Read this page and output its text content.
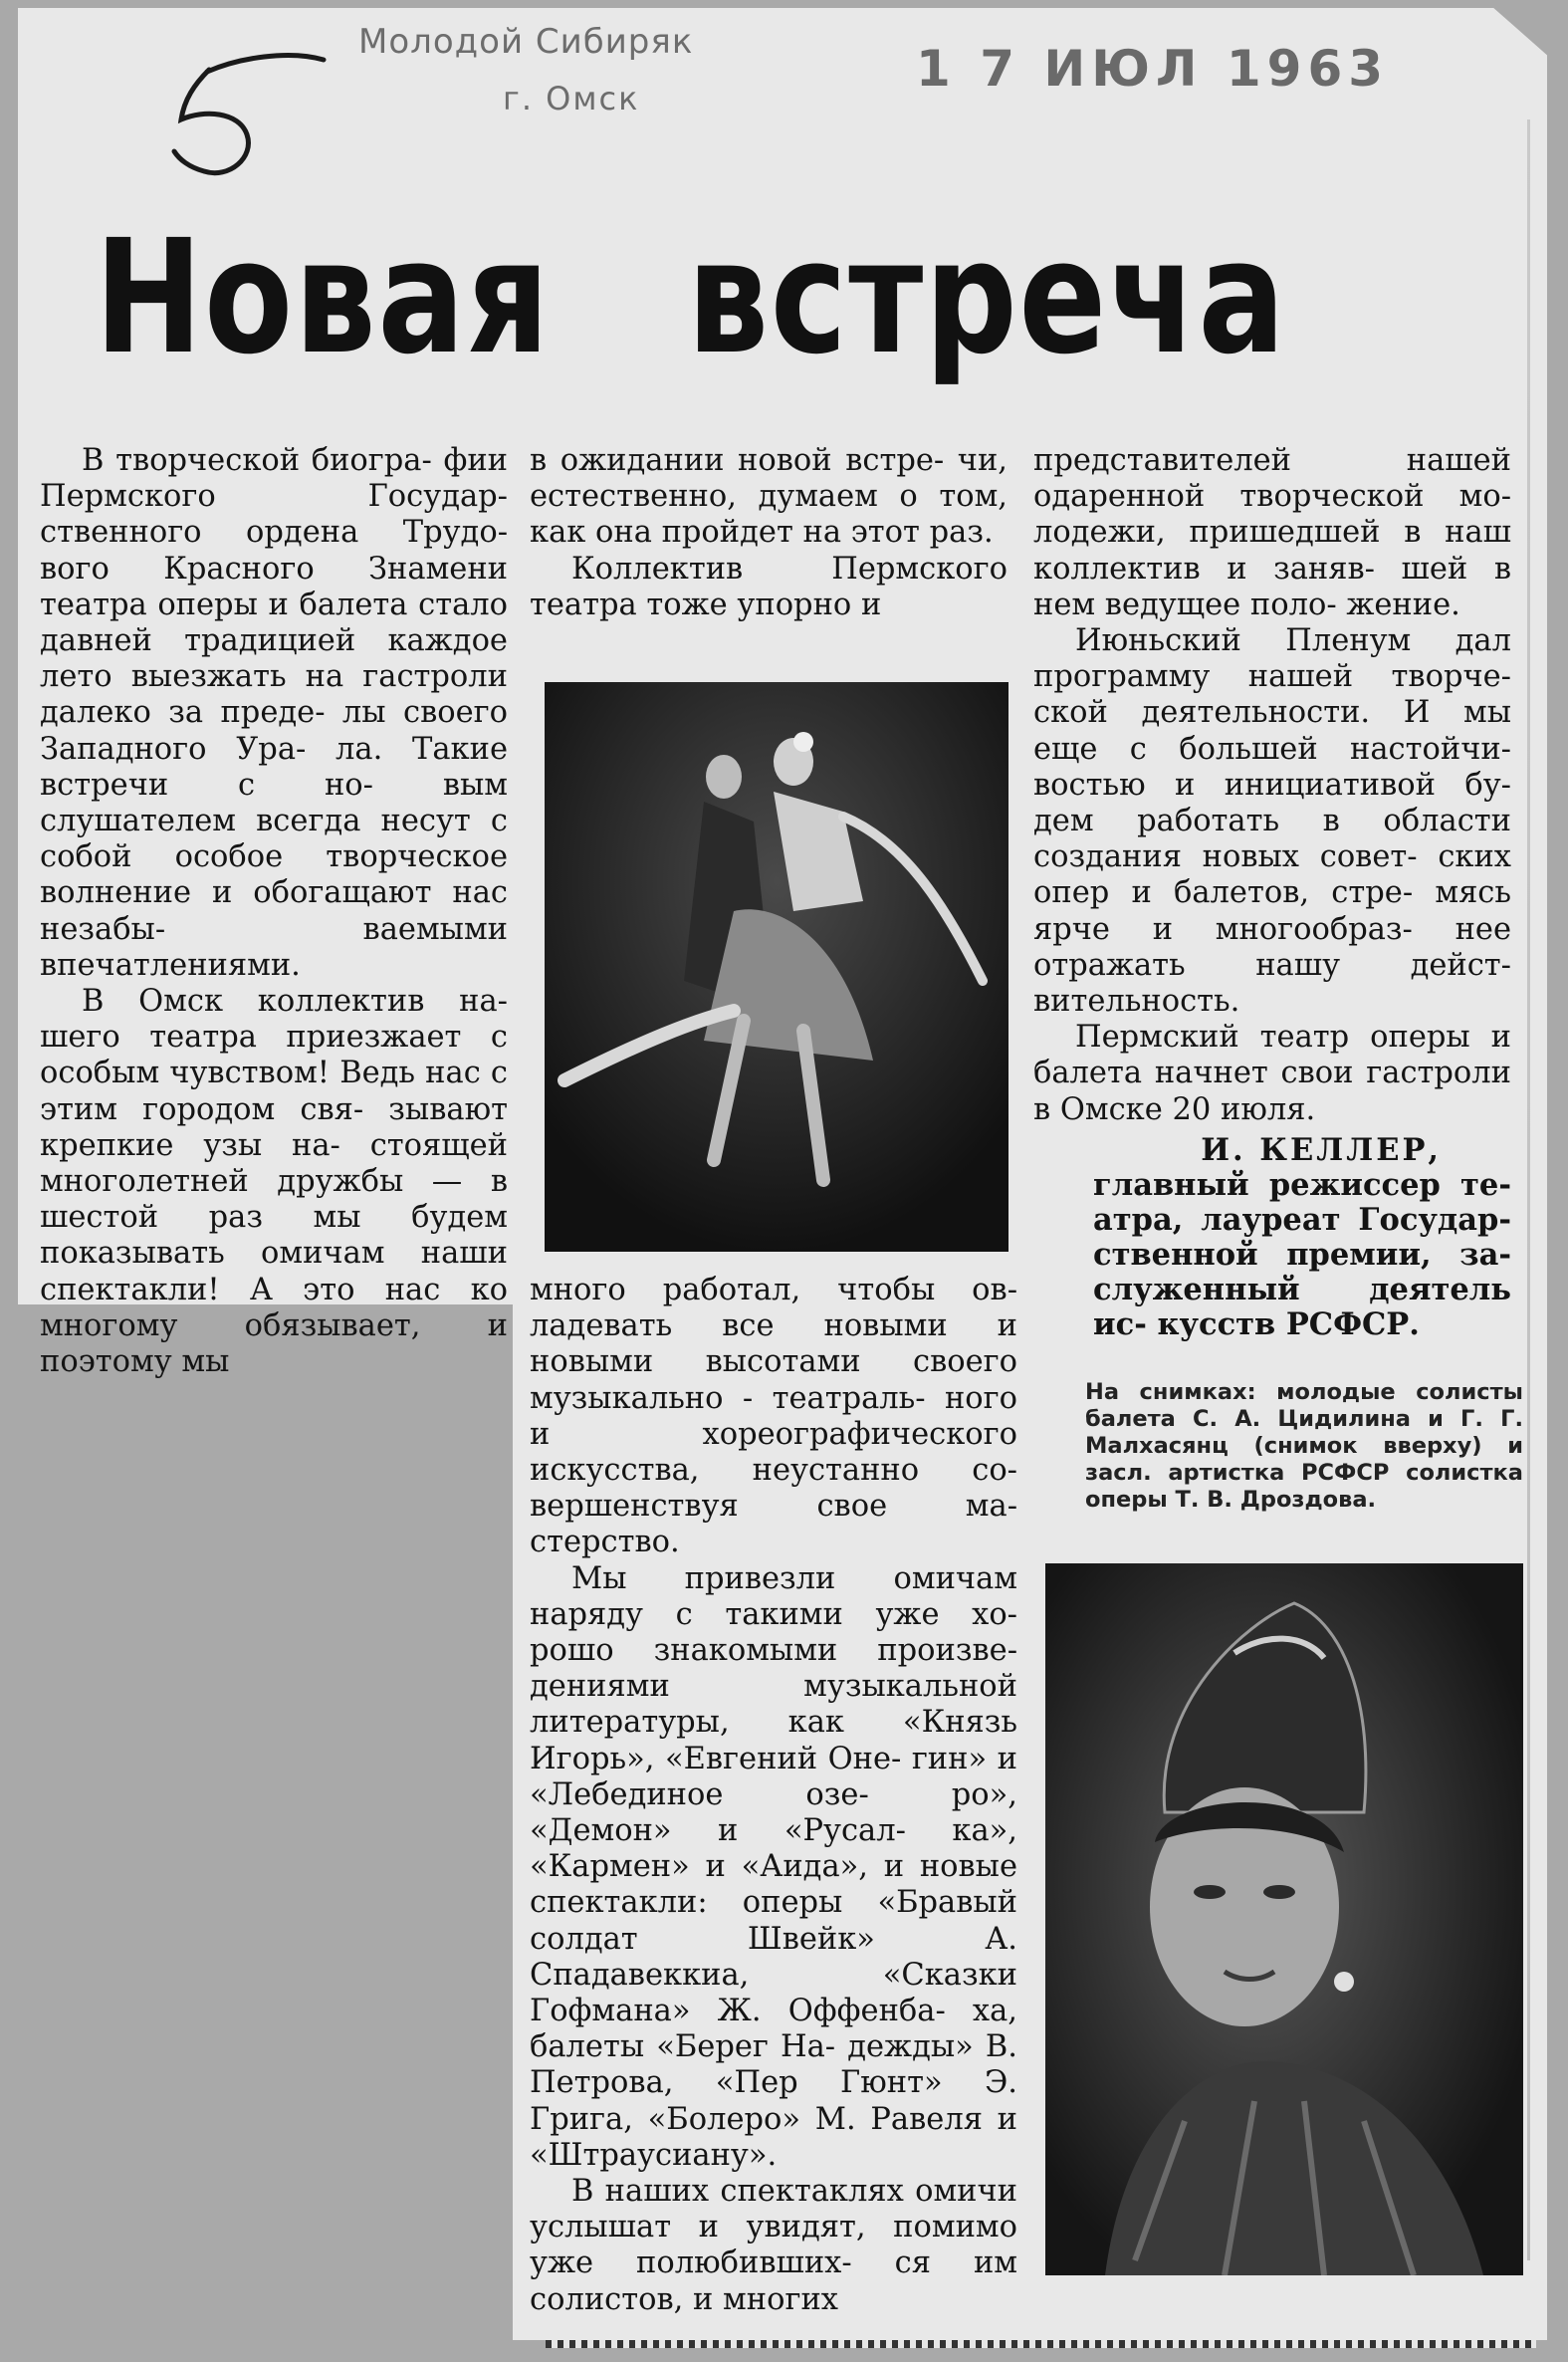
Молодой Сибиряк
г. Омск
1 7 ИЮЛ 1963
Новая встреча

В творческой биогра- фии Пермского Государ- ственного ордена Трудо- вого Красного Знамени театра оперы и балета стало давней традицией каждое лето выезжать на гастроли далеко за преде- лы своего Западного Ура- ла. Такие встречи с но- вым слушателем всегда несут с собой особое творческое волнение и обогащают нас незабы- ваемыми впечатлениями.

В Омск коллектив на- шего театра приезжает с особым чувством! Ведь нас с этим городом свя- зывают крепкие узы на- стоящей многолетней дружбы — в шестой раз мы будем показывать омичам наши спектакли! А это нас ко многому обязывает, и поэтому мы

в ожидании новой встре- чи, естественно, думаем о том, как она пройдет на этот раз.

Коллектив Пермского театра тоже упорно и

много работал, чтобы ов- ладевать все новыми и новыми высотами своего музыкально - театраль- ного и хореографического искусства, неустанно со- вершенствуя свое ма- стерство.

Мы привезли омичам наряду с такими уже хо- рошо знакомыми произве- дениями музыкальной литературы, как «Князь Игорь», «Евгений Оне- гин» и «Лебединое озе- ро», «Демон» и «Русал- ка», «Кармен» и «Аида», и новые спектакли: оперы «Бравый солдат Швейк» А. Спадавеккиа, «Сказки Гофмана» Ж. Оффенба- ха, балеты «Берег На- дежды» В. Петрова, «Пер Гюнт» Э. Грига, «Болеро» М. Равеля и «Штраусиану».

В наших спектаклях омичи услышат и увидят, помимо уже полюбивших- ся им солистов, и многих

представителей нашей одаренной творческой мо- лодежи, пришедшей в наш коллектив и заняв- шей в нем ведущее поло- жение.

Июньский Пленум дал программу нашей творче- ской деятельности. И мы еще с большей настойчи- востью и инициативой бу- дем работать в области создания новых совет- ских опер и балетов, стре- мясь ярче и многообраз- нее отражать нашу дейст- вительность.

Пермский театр оперы и балета начнет свои гастроли в Омске 20 июля.

И. КЕЛЛЕР,
главный режиссер те- атра, лауреат Государ- ственной премии, за- служенный деятель ис- кусств РСФСР.

На снимках: молодые солисты балета С. А. Цидилина и Г. Г. Малхасянц (снимок вверху) и засл. артистка РСФСР солистка оперы Т. В. Дроздова.
